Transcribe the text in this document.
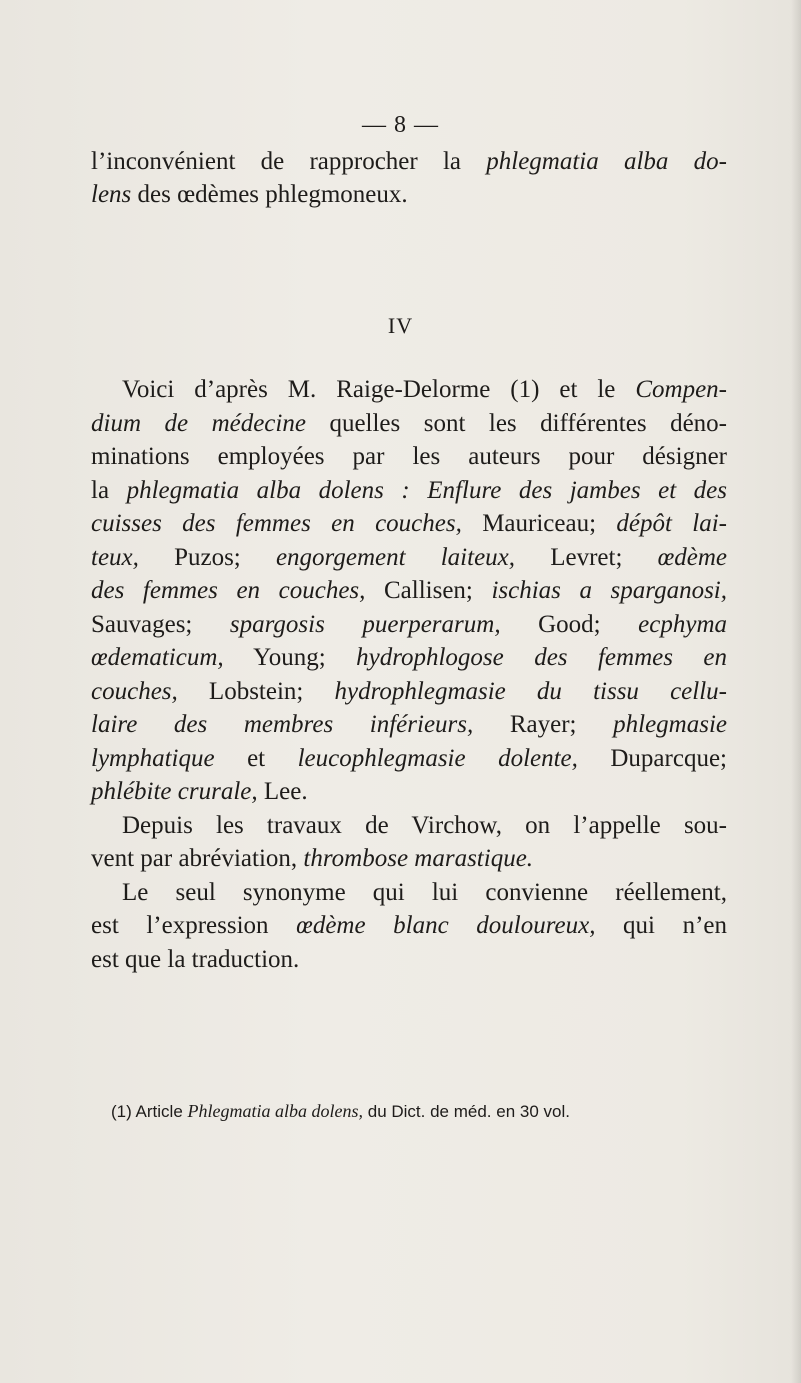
— 8 —
l’inconvénient de rapprocher la phlegmatia alba do-
lens des œdèmes phlegmoneux.
IV
Voici d’après M. Raige-Delorme (1) et le Compen-
dium de médecine quelles sont les différentes déno-
minations employées par les auteurs pour désigner
la phlegmatia alba dolens : Enflure des jambes et des
cuisses des femmes en couches, Mauriceau; dépôt lai-
teux, Puzos; engorgement laiteux, Levret; œdème
des femmes en couches, Callisen; ischias a sparganosi,
Sauvages; spargosis puerperarum, Good; ecphyma
œdematicum, Young; hydrophlogose des femmes en
couches, Lobstein; hydrophlegmasie du tissu cellu-
laire des membres inférieurs, Rayer; phlegmasie
lymphatique et leucophlegmasie dolente, Duparcque;
phlébite crurale, Lee.
Depuis les travaux de Virchow, on l’appelle sou-
vent par abréviation, thrombose marastique.
Le seul synonyme qui lui convienne réellement,
est l’expression œdème blanc douloureux, qui n’en
est que la traduction.
(1) Article Phlegmatia alba dolens, du Dict. de méd. en 30 vol.
